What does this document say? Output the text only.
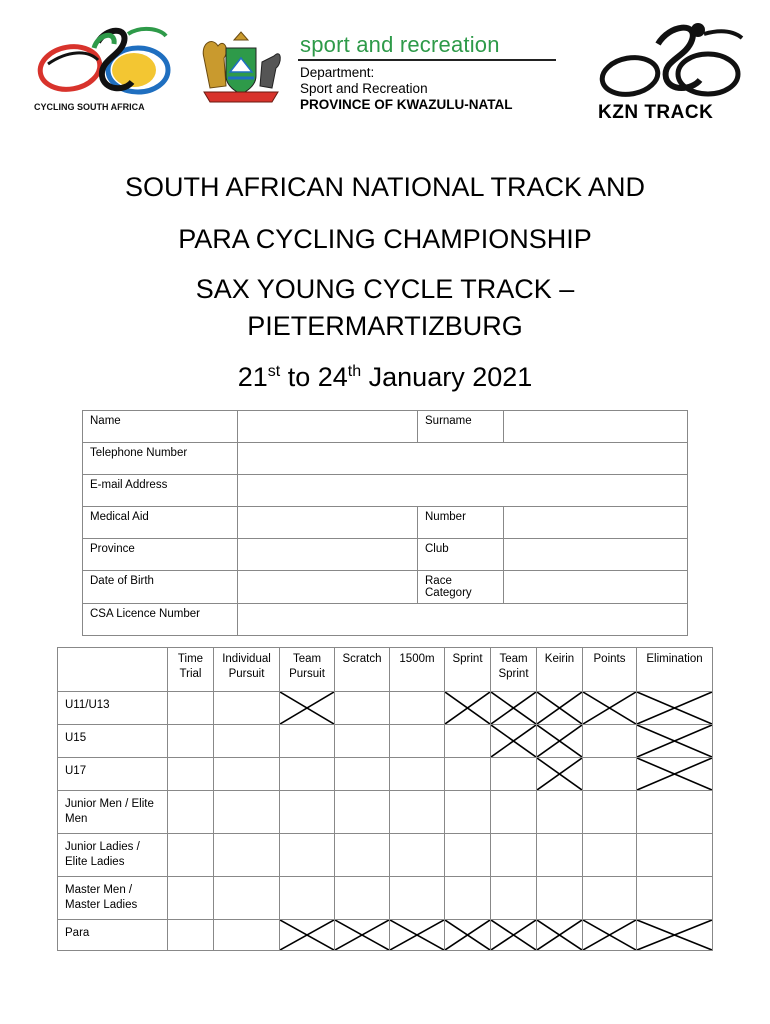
CYCLING SOUTH AFRICA
sport and recreation
Department:
Sport and Recreation
PROVINCE OF KWAZULU-NATAL	KZN TRACK
SOUTH AFRICAN NATIONAL TRACK AND
PARA CYCLING CHAMPIONSHIP
SAX YOUNG CYCLE TRACK –
PIETERMARTIZBURG
21st to 24th January 2021
Name		Surname	
Telephone Number			
E-mail Address			
Medical Aid		Number	
Province		Club	
Date of Birth		Race Category	
CSA Licence Number			
	Time Trial	Individual Pursuit	Team Pursuit	Scratch	1500m	Sprint	Team Sprint	Keirin	Points	Elimination
U11/U13			

U15							

U17								

Junior Men / Elite Men										
Junior Ladies / Elite Ladies										
Master Men / Master Ladies										
Para			
